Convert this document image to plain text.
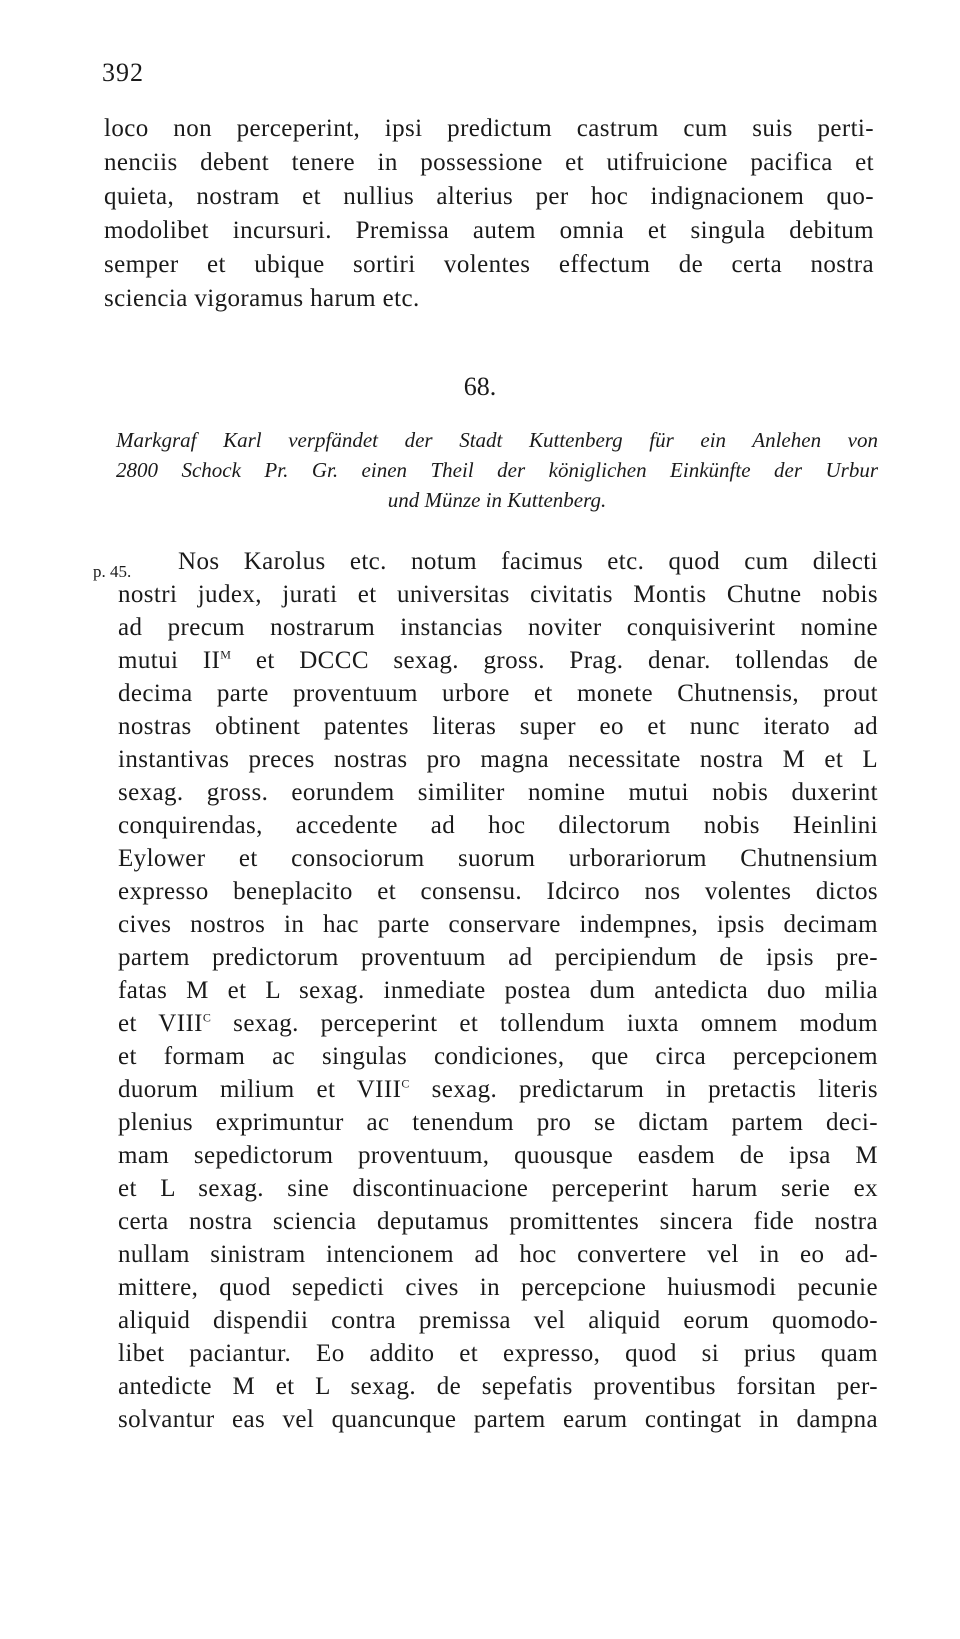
392
loco non perceperint, ipsi predictum castrum cum suis perti-
nenciis debent tenere in possessione et utifruicione pacifica et
quieta, nostram et nullius alterius per hoc indignacionem quo-
modolibet incursuri. Premissa autem omnia et singula debitum
semper et ubique sortiri volentes effectum de certa nostra
sciencia vigoramus harum etc.
68.
Markgraf Karl verpfändet der Stadt Kuttenberg für ein Anlehen von
2800 Schock Pr. Gr. einen Theil der königlichen Einkünfte der Urbur
und Münze in Kuttenberg.
p. 45.	Nos Karolus etc. notum facimus etc. quod cum dilecti
nostri judex, jurati et universitas civitatis Montis Chutne nobis
ad precum nostrarum instancias noviter conquisiverint nomine
mutui $II^M$ et DCCC sexag. gross. Prag. denar. tollendas de
decima parte proventuum urbore et monete Chutnensis, prout
nostras obtinent patentes literas super eo et nunc iterato ad
instantivas preces nostras pro magna necessitate nostra M et L
sexag. gross. eorundem similiter nomine mutui nobis duxerint
conquirendas, accedente ad hoc dilectorum nobis Heinlini
Eylower et consociorum suorum urborariorum Chutnensium
expresso beneplacito et consensu. Idcirco nos volentes dictos
cives nostros in hac parte conservare indempnes, ipsis decimam
partem predictorum proventuum ad percipiendum de ipsis pre-
fatas M et L sexag. inmediate postea dum antedicta duo milia
et $VIII^C$ sexag. perceperint et tollendum iuxta omnem modum
et formam ac singulas condiciones, que circa percepcionem
duorum milium et $VIII^C$ sexag. predictarum in pretactis literis
plenius exprimuntur ac tenendum pro se dictam partem deci-
mam sepedictorum proventuum, quousque easdem de ipsa M
et L sexag. sine discontinuacione perceperint harum serie ex
certa nostra sciencia deputamus promittentes sincera fide nostra
nullam sinistram intencionem ad hoc convertere vel in eo ad-
mittere, quod sepedicti cives in percepcione huiusmodi pecunie
aliquid dispendii contra premissa vel aliquid eorum quomodo-
libet paciantur. Eo addito et expresso, quod si prius quam
antedicte M et L sexag. de sepefatis proventibus forsitan per-
solvantur eas vel quancunque partem earum contingat in dampna
